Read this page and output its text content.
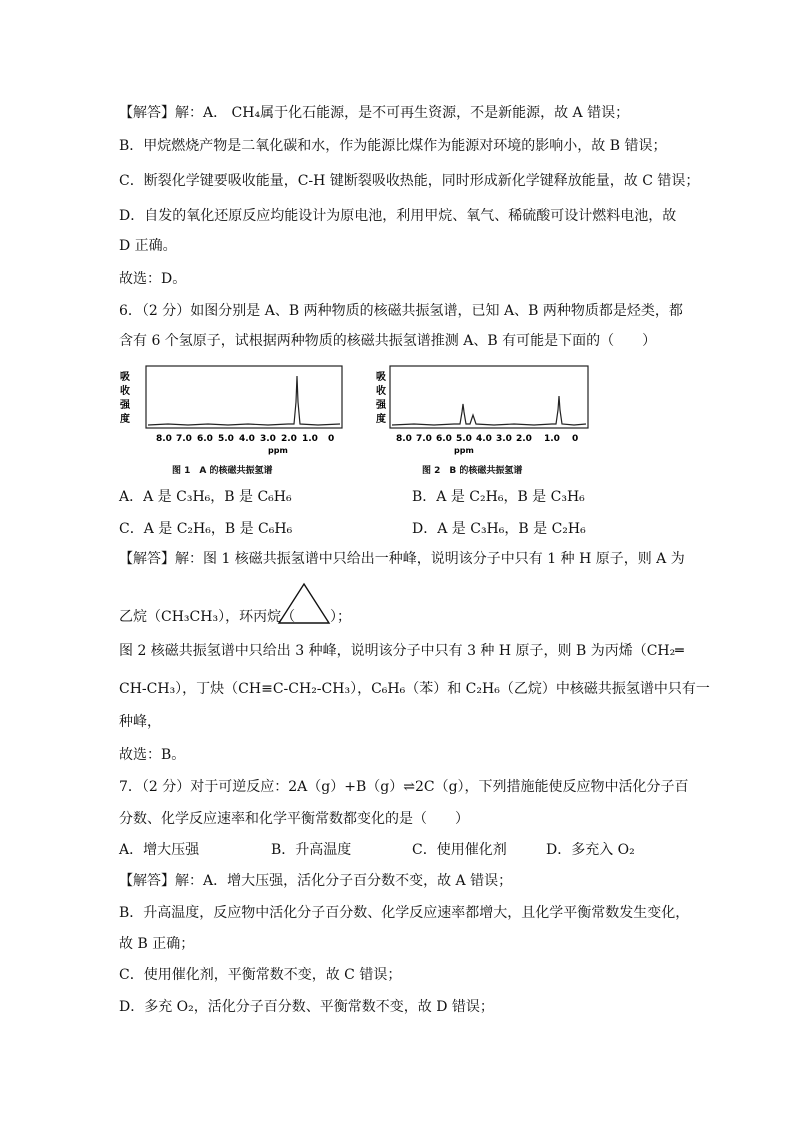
【解答】解：A． CH₄属于化石能源，是不可再生资源，不是新能源，故 A 错误；
B．甲烷燃烧产物是二氧化碳和水，作为能源比煤作为能源对环境的影响小，故 B 错误；
C．断裂化学键要吸收能量，C-H 键断裂吸收热能，同时形成新化学键释放能量，故 C 错误；
D．自发的氧化还原反应均能设计为原电池，利用甲烷、氧气、稀硫酸可设计燃料电池，故
D 正确。
故选：D。
6．（2 分）如图分别是 A、B 两种物质的核磁共振氢谱，已知 A、B 两种物质都是烃类，都
含有 6 个氢原子，试根据两种物质的核磁共振氢谱推测 A、B 有可能是下面的（　　）
吸
收
强
度
8.0 7.0 6.0 5.0 4.0 3.0 2.0 1.0 0
ppm
图 1　A 的核磁共振氢谱
吸
收
强
度
8.0 7.0 6.0 5.0 4.0 3.0 2.0 1.0 0
ppm
图 2　B 的核磁共振氢谱
A．A 是 C₃H₆，B 是 C₆H₆	B．A 是 C₂H₆，B 是 C₃H₆
C．A 是 C₂H₆，B 是 C₆H₆	D．A 是 C₃H₆，B 是 C₂H₆
【解答】解：图 1 核磁共振氢谱中只给出一种峰，说明该分子中只有 1 种 H 原子，则 A 为
乙烷（CH₃CH₃），环丙烷（ ）；
图 2 核磁共振氢谱中只给出 3 种峰，说明该分子中只有 3 种 H 原子，则 B 为丙烯（CH₂═
CH-CH₃），丁炔（CH≡C-CH₂-CH₃），C₆H₆（苯）和 C₂H₆（乙烷）中核磁共振氢谱中只有一
种峰，
故选：B。
7．（2 分）对于可逆反应：2A（g）+B（g）⇌2C（g），下列措施能使反应物中活化分子百
分数、化学反应速率和化学平衡常数都变化的是（　　）
A．增大压强	B．升高温度	C．使用催化剂	D．多充入 O₂
【解答】解：A．增大压强，活化分子百分数不变，故 A 错误；
B．升高温度，反应物中活化分子百分数、化学反应速率都增大，且化学平衡常数发生变化，
故 B 正确；
C．使用催化剂，平衡常数不变，故 C 错误；
D．多充 O₂，活化分子百分数、平衡常数不变，故 D 错误；
